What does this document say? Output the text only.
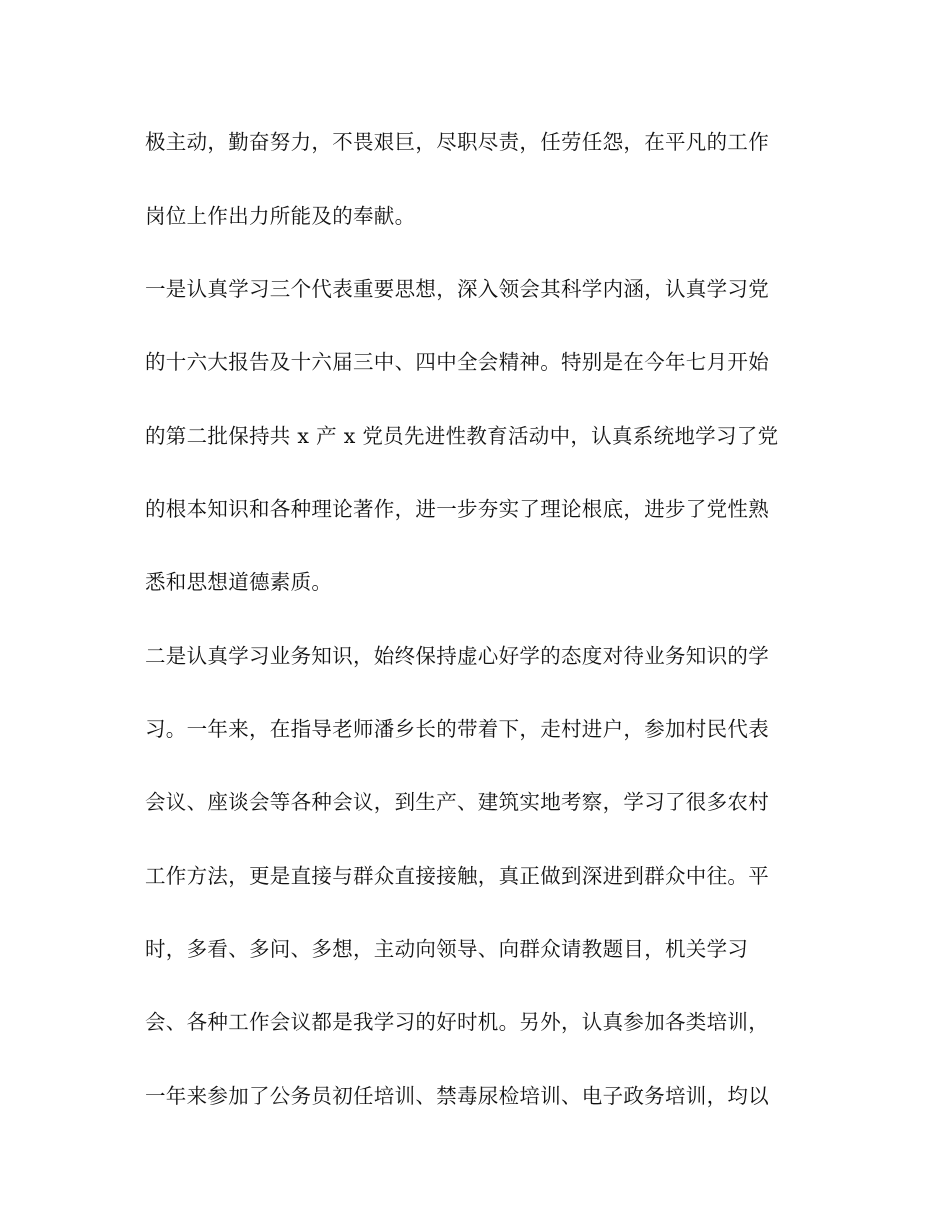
极主动，勤奋努力，不畏艰巨，尽职尽责，任劳任怨，在平凡的工作
岗位上作出力所能及的奉献。
一是认真学习三个代表重要思想，深入领会其科学内涵，认真学习党
的十六大报告及十六届三中、四中全会精神。特别是在今年七月开始
的第二批保持共 x 产 x 党员先进性教育活动中，认真系统地学习了党
的根本知识和各种理论著作，进一步夯实了理论根底，进步了党性熟
悉和思想道德素质。
二是认真学习业务知识，始终保持虚心好学的态度对待业务知识的学
习。一年来，在指导老师潘乡长的带着下，走村进户，参加村民代表
会议、座谈会等各种会议，到生产、建筑实地考察，学习了很多农村
工作方法，更是直接与群众直接接触，真正做到深进到群众中往。平
时，多看、多问、多想，主动向领导、向群众请教题目，机关学习
会、各种工作会议都是我学习的好时机。另外，认真参加各类培训，
一年来参加了公务员初任培训、禁毒尿检培训、电子政务培训，均以
